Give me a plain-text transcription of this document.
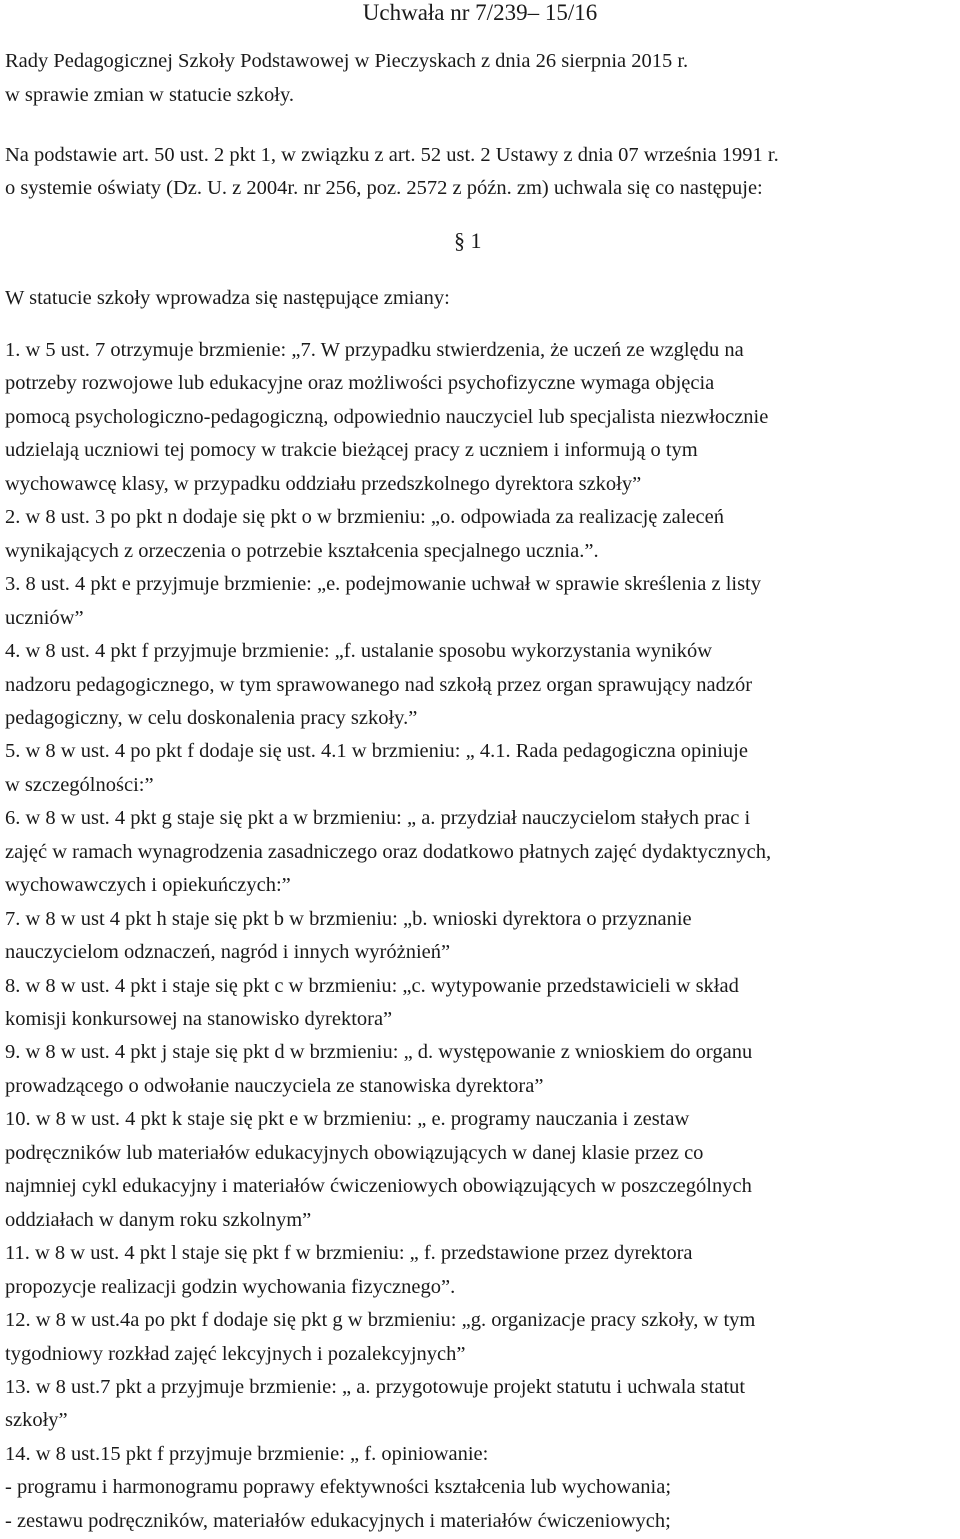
Uchwała nr 7/239– 15/16
Rady Pedagogicznej Szkoły Podstawowej w Pieczyskach z dnia 26 sierpnia 2015 r.
w sprawie zmian w statucie szkoły.
Na podstawie art. 50 ust. 2 pkt 1, w związku z art. 52 ust. 2 Ustawy z dnia 07 września 1991 r.
o systemie oświaty (Dz. U. z 2004r. nr 256, poz. 2572 z późn. zm) uchwala się co następuje:
§ 1
W statucie szkoły wprowadza się następujące zmiany:
1. w 5 ust. 7 otrzymuje brzmienie: „7. W przypadku stwierdzenia, że uczeń ze względu na
potrzeby rozwojowe lub edukacyjne oraz możliwości psychofizyczne wymaga objęcia
pomocą psychologiczno-pedagogiczną, odpowiednio nauczyciel lub specjalista niezwłocznie
udzielają uczniowi tej pomocy w trakcie bieżącej pracy z uczniem i informują o tym
wychowawcę klasy, w przypadku oddziału przedszkolnego dyrektora szkoły”
2. w 8 ust. 3 po pkt n dodaje się pkt o w brzmieniu: „o. odpowiada za realizację zaleceń
wynikających z orzeczenia o potrzebie kształcenia specjalnego ucznia.”.
3. 8 ust. 4 pkt e przyjmuje brzmienie: „e. podejmowanie uchwał w sprawie skreślenia z listy
uczniów”
4. w 8 ust. 4 pkt f przyjmuje brzmienie: „f. ustalanie sposobu wykorzystania wyników
nadzoru pedagogicznego, w tym sprawowanego nad szkołą przez organ sprawujący nadzór
pedagogiczny, w celu doskonalenia pracy szkoły.”
5. w 8 w ust. 4 po pkt f dodaje się ust. 4.1 w brzmieniu: „ 4.1. Rada pedagogiczna opiniuje
w szczególności:”
6. w 8 w ust. 4 pkt g staje się pkt a w brzmieniu: „ a. przydział nauczycielom stałych prac i
zajęć w ramach wynagrodzenia zasadniczego oraz dodatkowo płatnych zajęć dydaktycznych,
wychowawczych i opiekuńczych:”
7. w 8 w ust 4 pkt h staje się pkt b w brzmieniu: „b. wnioski dyrektora o przyznanie
nauczycielom odznaczeń, nagród i innych wyróżnień”
8. w 8 w ust. 4 pkt i staje się pkt c w brzmieniu: „c. wytypowanie przedstawicieli w skład
komisji konkursowej na stanowisko dyrektora”
9. w 8 w ust. 4 pkt j staje się pkt d w brzmieniu: „ d. występowanie z wnioskiem do organu
prowadzącego o odwołanie nauczyciela ze stanowiska dyrektora”
10. w 8 w ust. 4 pkt k staje się pkt e w brzmieniu: „ e. programy nauczania i zestaw
podręczników lub materiałów edukacyjnych obowiązujących w danej klasie przez co
najmniej cykl edukacyjny i materiałów ćwiczeniowych obowiązujących w poszczególnych
oddziałach w danym roku szkolnym”
11. w 8 w ust. 4 pkt l staje się pkt f w brzmieniu: „ f. przedstawione przez dyrektora
propozycje realizacji godzin wychowania fizycznego”.
12. w 8 w ust.4a po pkt f dodaje się pkt g w brzmieniu: „g. organizacje pracy szkoły, w tym
tygodniowy rozkład zajęć lekcyjnych i pozalekcyjnych”
13. w 8 ust.7 pkt a przyjmuje brzmienie: „ a. przygotowuje projekt statutu i uchwala statut
szkoły”
14. w 8 ust.15 pkt f przyjmuje brzmienie: „ f. opiniowanie:
- programu i harmonogramu poprawy efektywności kształcenia lub wychowania;
- zestawu podręczników, materiałów edukacyjnych i materiałów ćwiczeniowych;
